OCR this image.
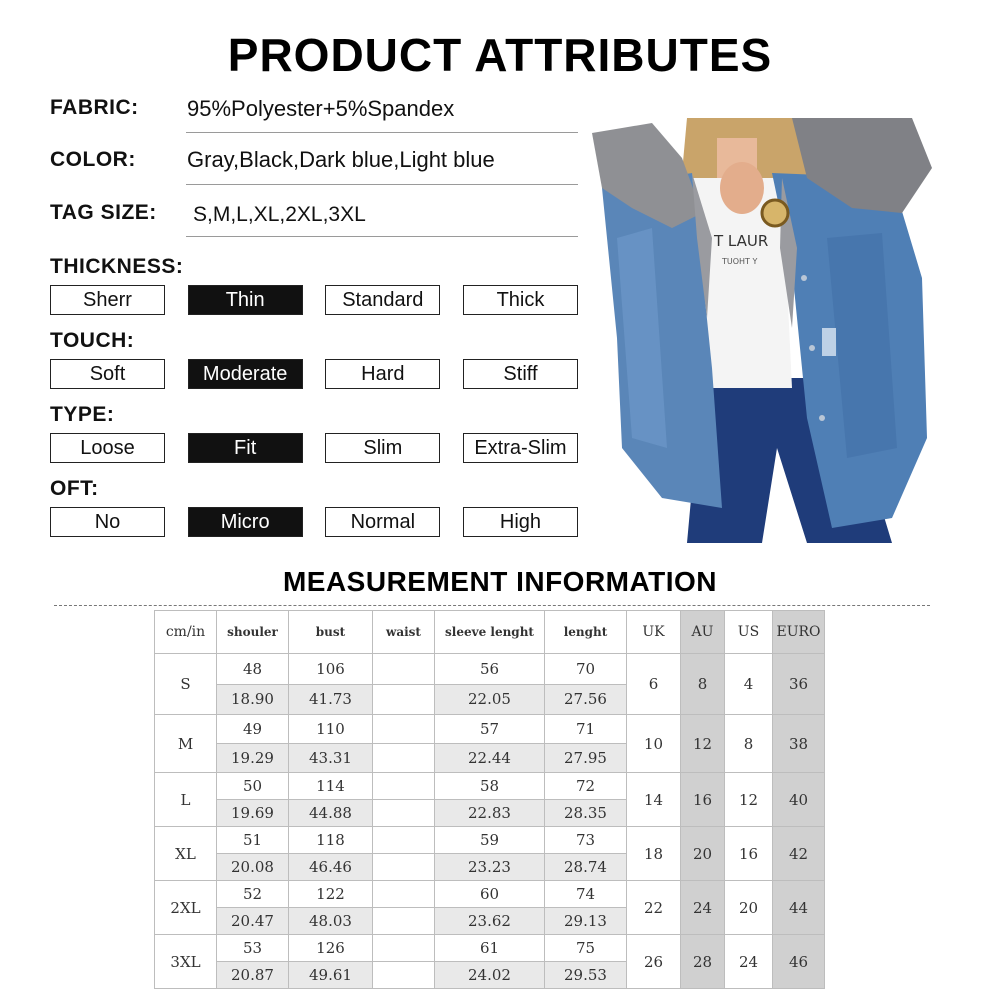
PRODUCT ATTRIBUTES
FABRIC: 95%Polyester+5%Spandex
COLOR: Gray,Black,Dark blue,Light blue
TAG SIZE: S,M,L,XL,2XL,3XL
THICKNESS:
Sherr	Thin	Standard	Thick
TOUCH:
Soft	Moderate	Hard	Stiff
TYPE:
Loose	Fit	Slim	Extra-Slim
OFT:
No	Micro	Normal	High
T LAUR
TUOHT Y
MEASUREMENT INFORMATION
cm/in	shouler	bust	waist	sleeve lenght	lenght	UK	AU	US	EURO
S	48	106		56	70	6	8	4	36
	18.90	41.73		22.05	27.56				
M	49	110		57	71	10	12	8	38
	19.29	43.31		22.44	27.95				
L	50	114		58	72	14	16	12	40
	19.69	44.88		22.83	28.35				
XL	51	118		59	73	18	20	16	42
	20.08	46.46		23.23	28.74				
2XL	52	122		60	74	22	24	20	44
	20.47	48.03		23.62	29.13				
3XL	53	126		61	75	26	28	24	46
	20.87	49.61		24.02	29.53				
